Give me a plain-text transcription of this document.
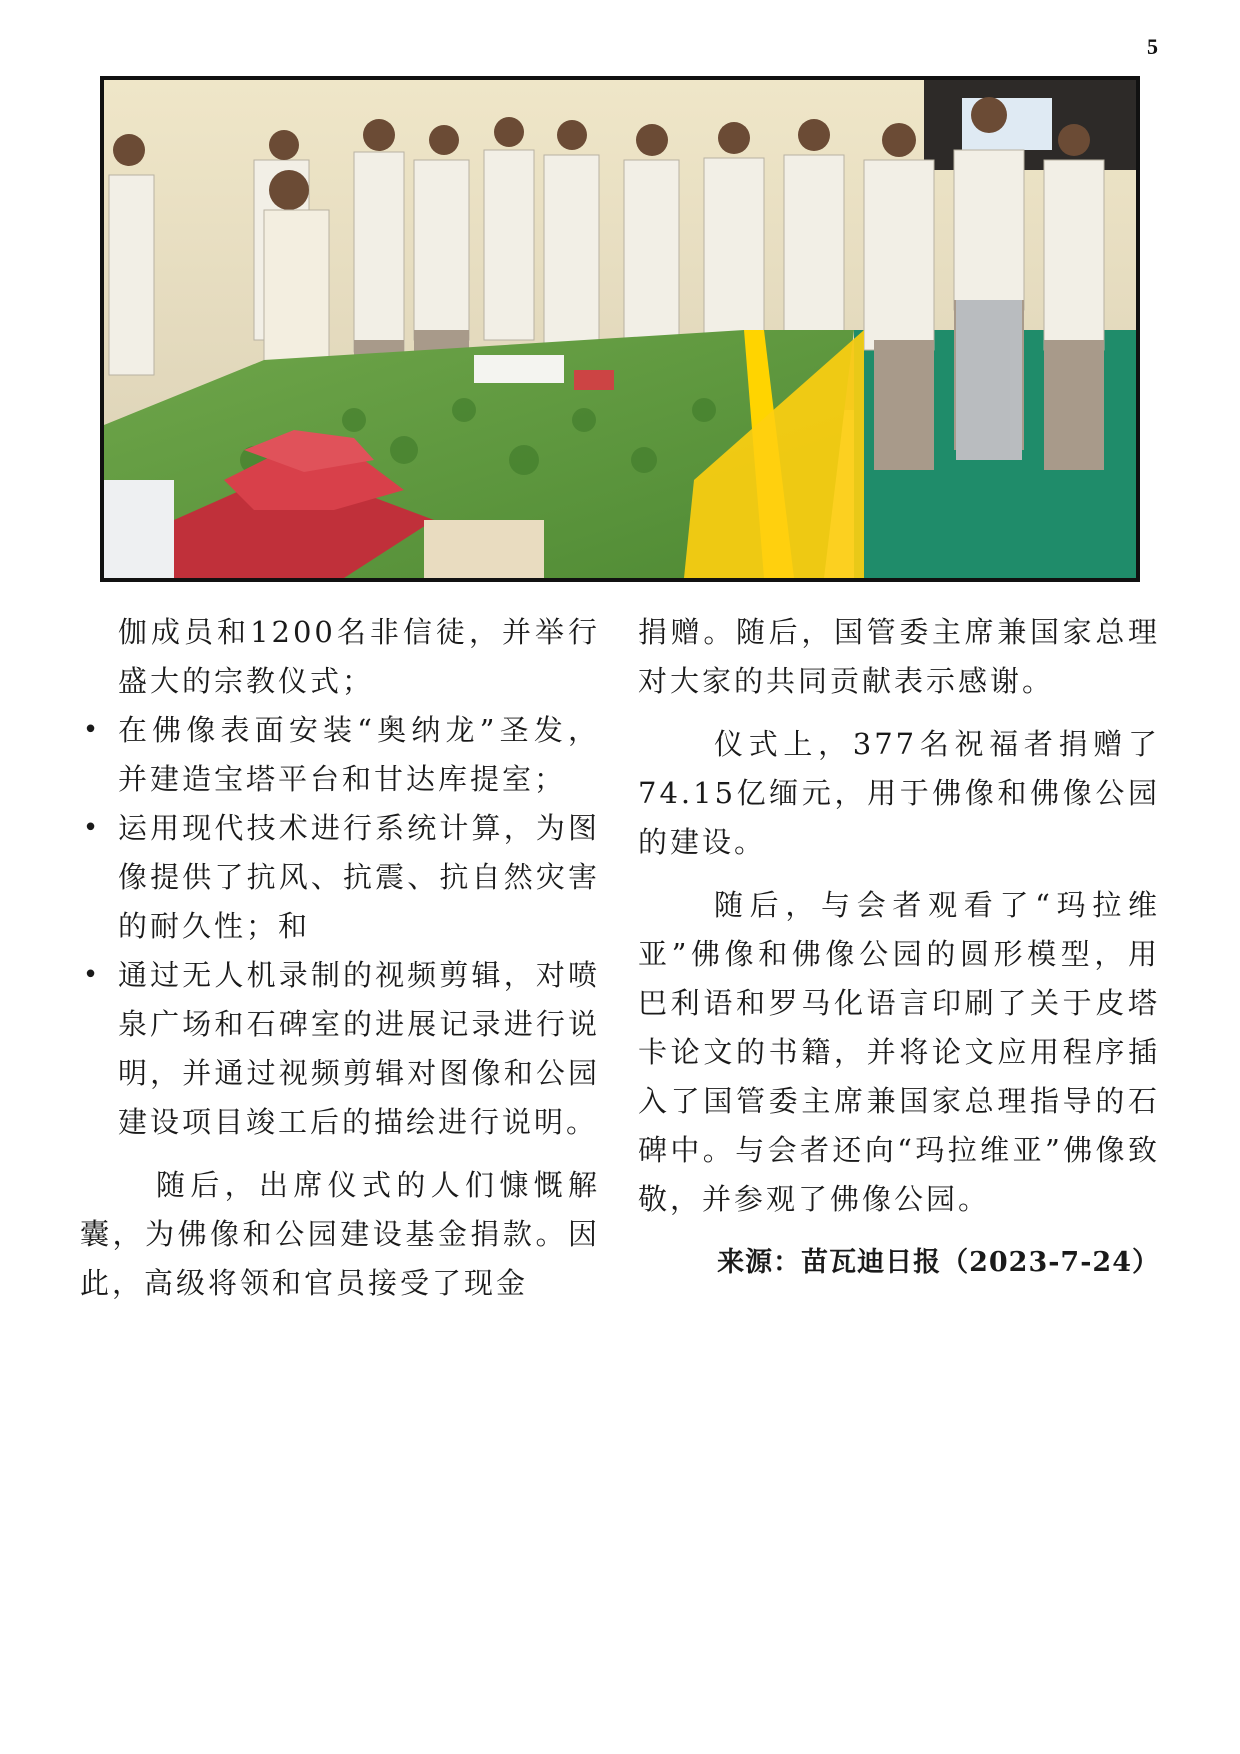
5

伽成员和1200名非信徒，并举行盛大的宗教仪式；

• 在佛像表面安装“奥纳龙”圣发，并建造宝塔平台和甘达库提室；
• 运用现代技术进行系统计算，为图像提供了抗风、抗震、抗自然灾害的耐久性；和
• 通过无人机录制的视频剪辑，对喷泉广场和石碑室的进展记录进行说明，并通过视频剪辑对图像和公园建设项目竣工后的描绘进行说明。

随后，出席仪式的人们慷慨解囊，为佛像和公园建设基金捐款。因此，高级将领和官员接受了现金

捐赠。随后，国管委主席兼国家总理对大家的共同贡献表示感谢。

仪式上，377名祝福者捐赠了74.15亿缅元，用于佛像和佛像公园的建设。

随后，与会者观看了“玛拉维亚”佛像和佛像公园的圆形模型，用巴利语和罗马化语言印刷了关于皮塔卡论文的书籍，并将论文应用程序插入了国管委主席兼国家总理指导的石碑中。与会者还向“玛拉维亚”佛像致敬，并参观了佛像公园。

来源：苗瓦迪日报（2023-7-24）
